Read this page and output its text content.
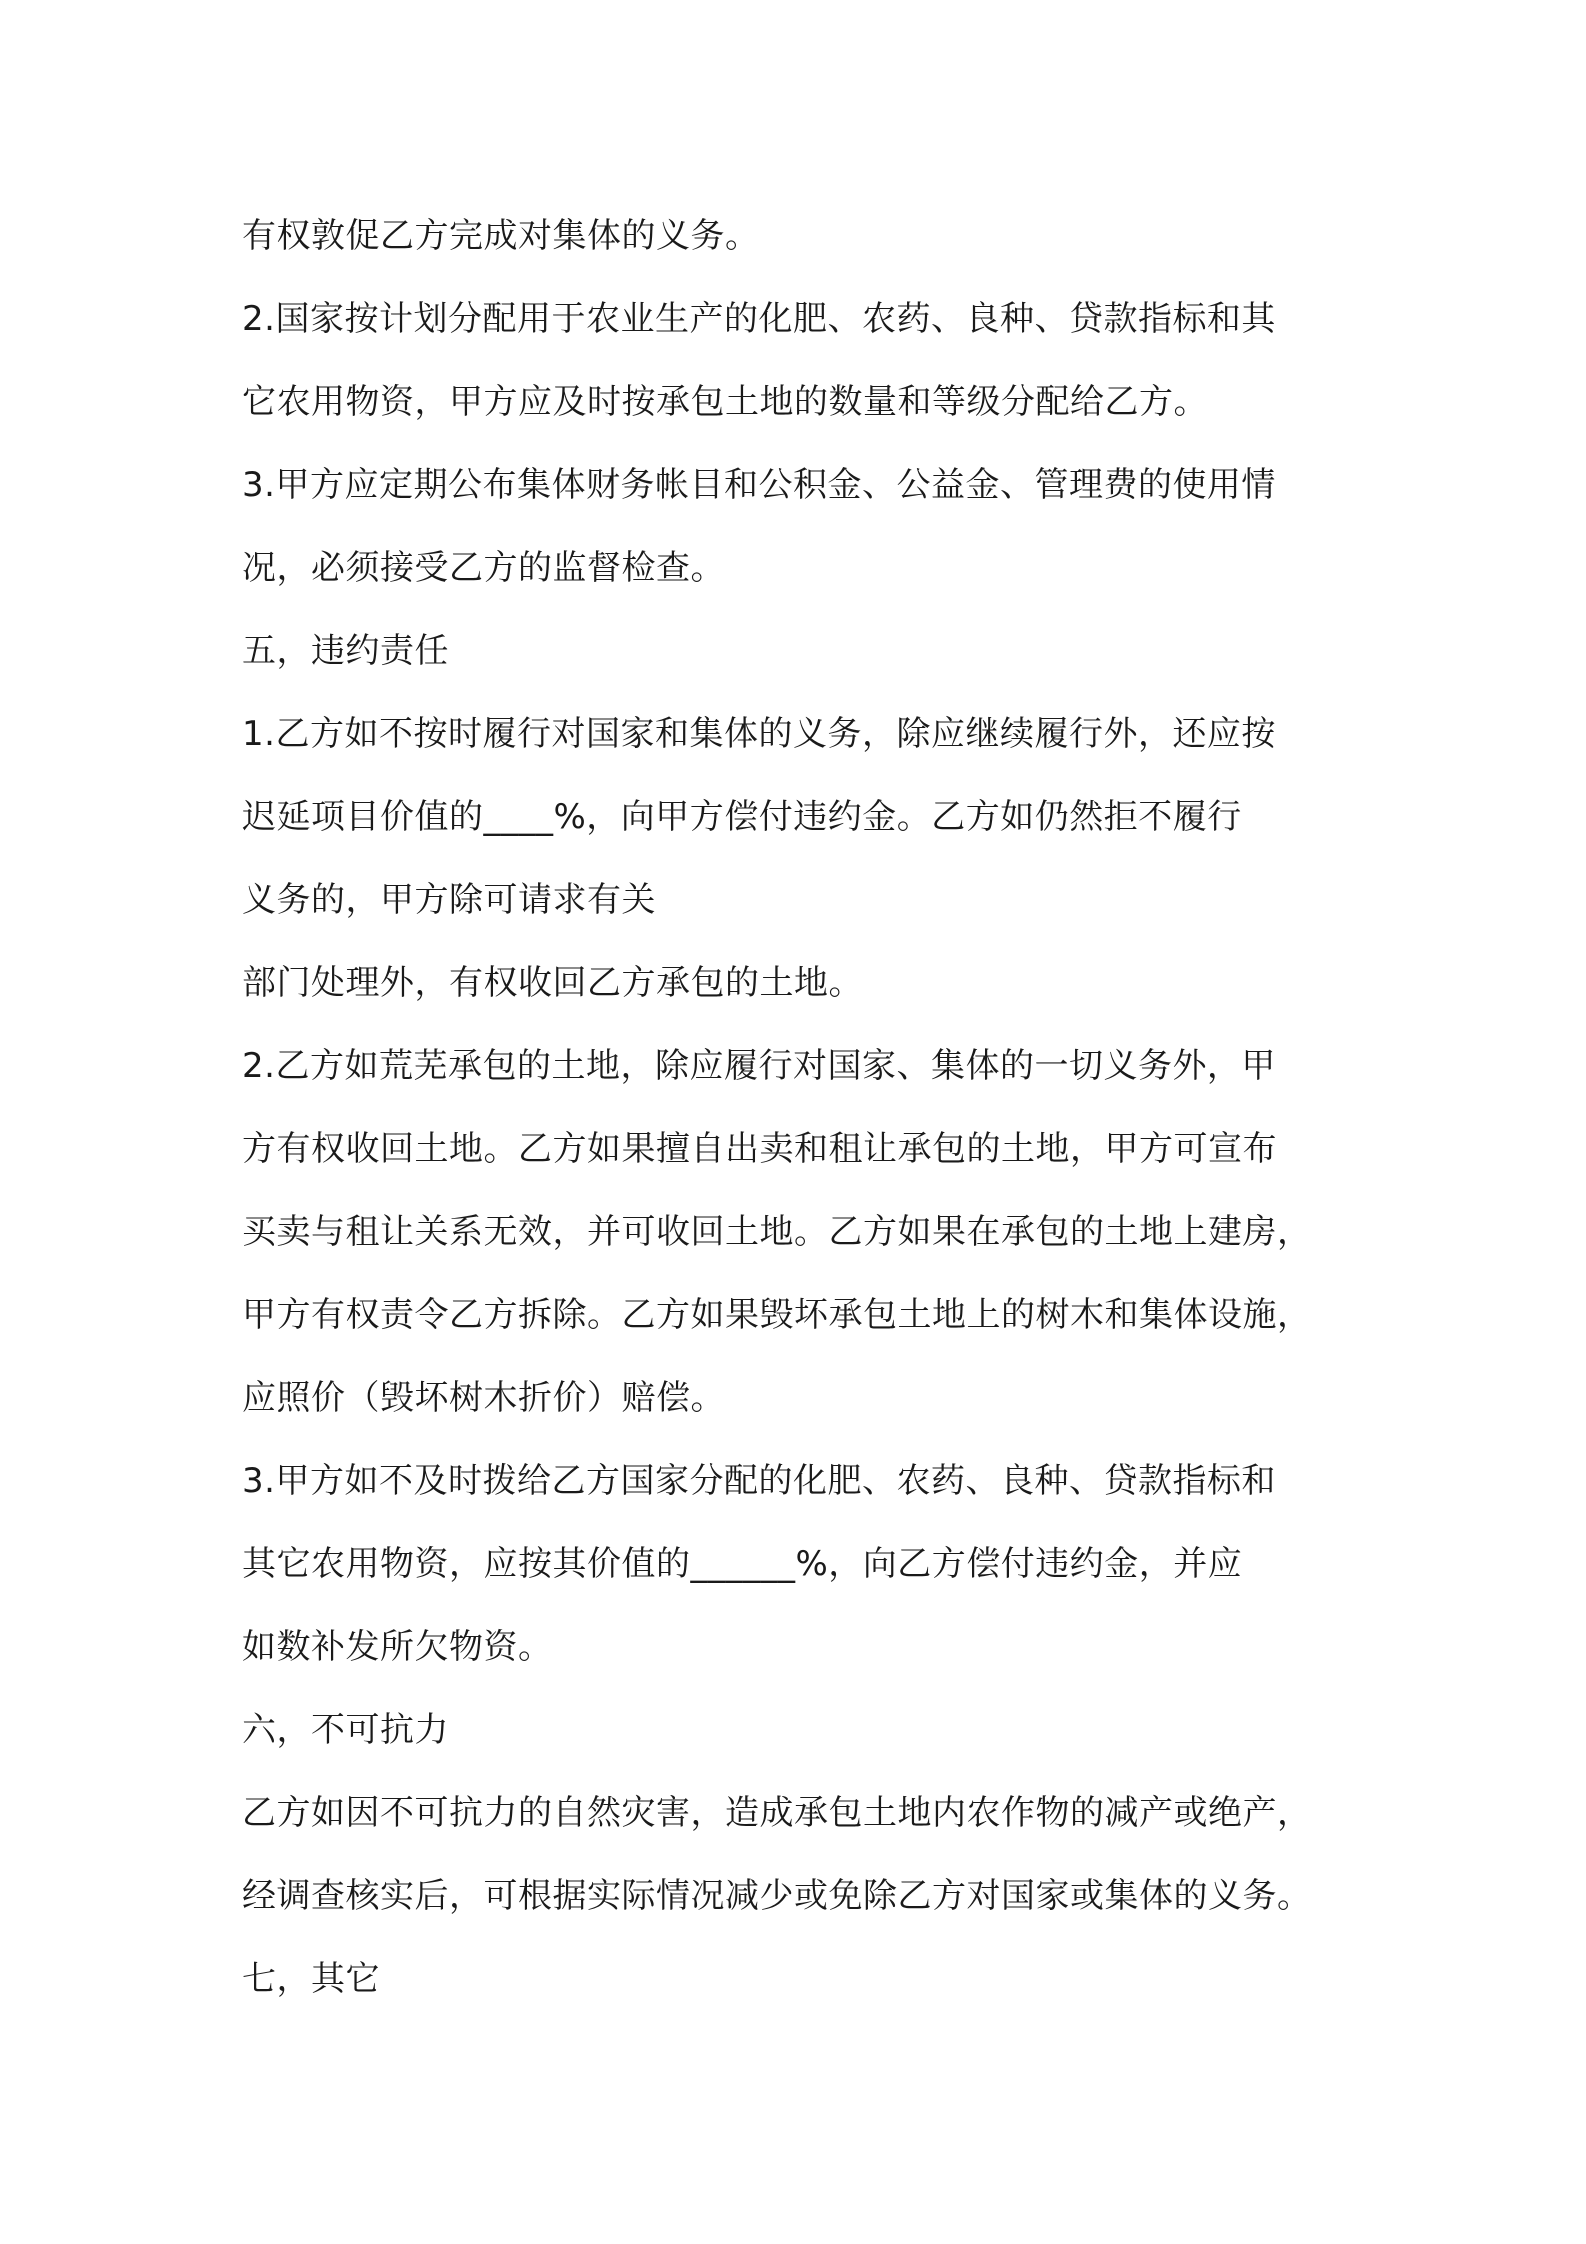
有权敦促乙方完成对集体的义务。
2.国家按计划分配用于农业生产的化肥、农药、良种、贷款指标和其
它农用物资，甲方应及时按承包土地的数量和等级分配给乙方。
3.甲方应定期公布集体财务帐目和公积金、公益金、管理费的使用情
况，必须接受乙方的监督检查。
五，违约责任
1.乙方如不按时履行对国家和集体的义务，除应继续履行外，还应按
迟延项目价值的____%，向甲方偿付违约金。乙方如仍然拒不履行
义务的，甲方除可请求有关
部门处理外，有权收回乙方承包的土地。
2.乙方如荒芜承包的土地，除应履行对国家、集体的一切义务外，甲
方有权收回土地。乙方如果擅自出卖和租让承包的土地，甲方可宣布
买卖与租让关系无效，并可收回土地。乙方如果在承包的土地上建房，
甲方有权责令乙方拆除。乙方如果毁坏承包土地上的树木和集体设施，
应照价（毁坏树木折价）赔偿。
3.甲方如不及时拨给乙方国家分配的化肥、农药、良种、贷款指标和
其它农用物资，应按其价值的______%，向乙方偿付违约金，并应
如数补发所欠物资。
六，不可抗力
乙方如因不可抗力的自然灾害，造成承包土地内农作物的减产或绝产，
经调查核实后，可根据实际情况减少或免除乙方对国家或集体的义务。
七，其它
